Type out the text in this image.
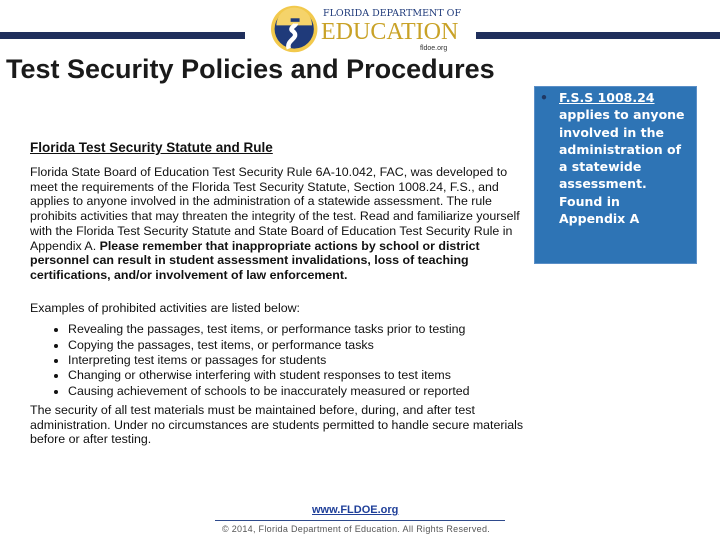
FLORIDA DEPARTMENT OF
EDUCATION
fldoe.org
Test Security Policies and Procedures
• F.S.S 1008.24
applies to anyone involved in the administration of a statewide assessment. Found in Appendix A
Florida Test Security Statute and Rule

Florida State Board of Education Test Security Rule 6A-10.042, FAC, was developed to meet the requirements of the Florida Test Security Statute, Section 1008.24, F.S., and applies to anyone involved in the administration of a statewide assessment. The rule prohibits activities that may threaten the integrity of the test. Read and familiarize yourself with the Florida Test Security Statute and State Board of Education Test Security Rule in Appendix A. Please remember that inappropriate actions by school or district personnel can result in student assessment invalidations, loss of teaching certifications, and/or involvement of law enforcement.

Examples of prohibited activities are listed below:

• Revealing the passages, test items, or performance tasks prior to testing
• Copying the passages, test items, or performance tasks
• Interpreting test items or passages for students
• Changing or otherwise interfering with student responses to test items
• Causing achievement of schools to be inaccurately measured or reported

The security of all test materials must be maintained before, during, and after test administration. Under no circumstances are students permitted to handle secure materials before or after testing.

www.FLDOE.org
© 2014, Florida Department of Education. All Rights Reserved.
